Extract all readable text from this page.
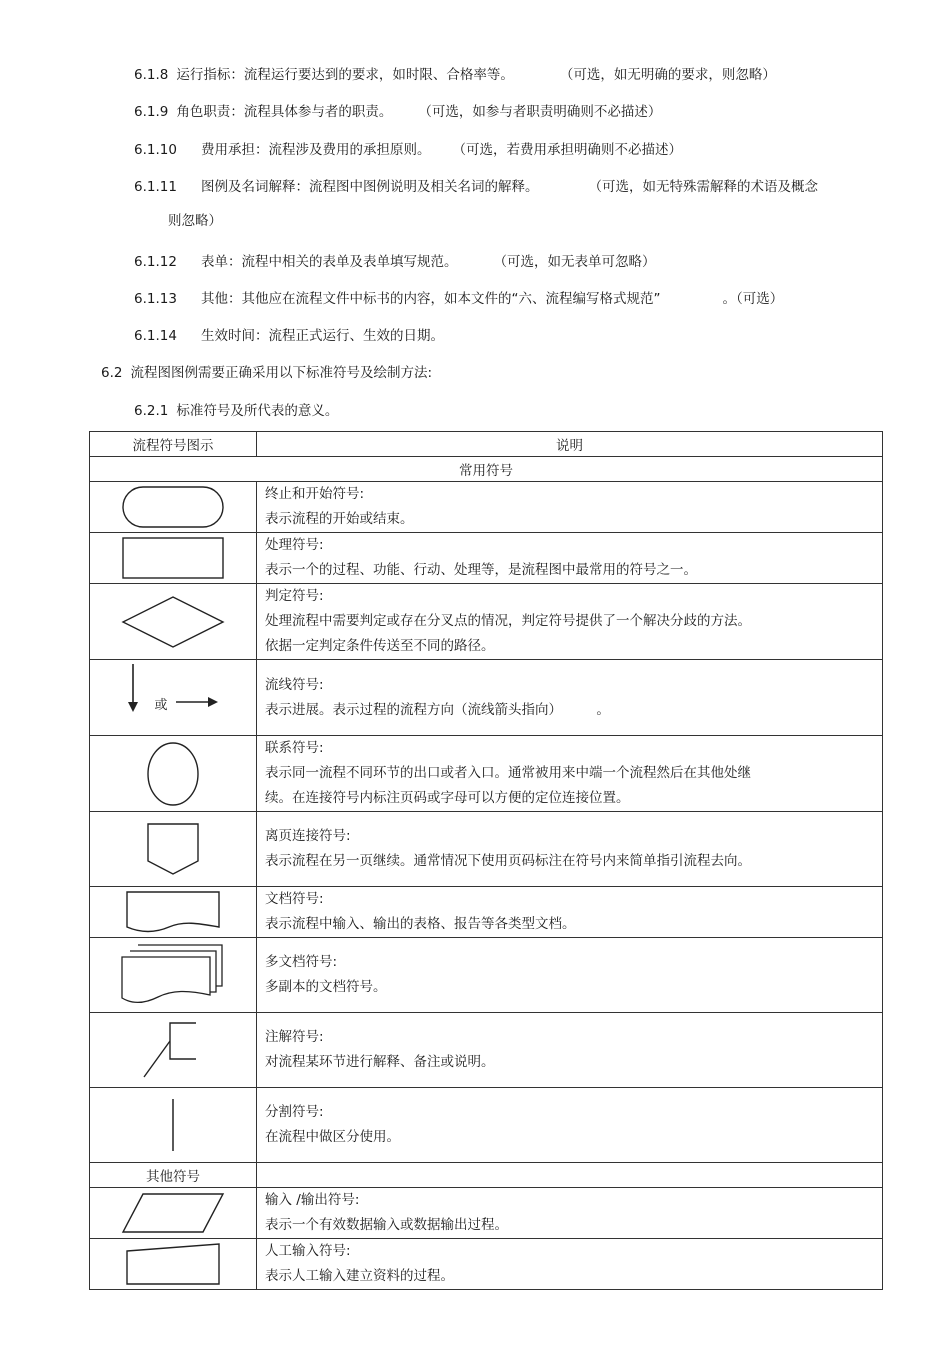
6.1.8 运行指标：流程运行要达到的要求，如时限、合格率等。	（可选，如无明确的要求，则忽略）
6.1.9 角色职责：流程具体参与者的职责。 （可选，如参与者职责明确则不必描述）
6.1.10 费用承担：流程涉及费用的承担原则。 （可选，若费用承担明确则不必描述）
6.1.11 图例及名词解释：流程图中图例说明及相关名词的解释。	（可选，如无特殊需解释的术语及概念
则忽略）
6.1.12 表单：流程中相关的表单及表单填写规范。	（可选，如无表单可忽略）
6.1.13 其他：其他应在流程文件中标书的内容，如本文件的“六、流程编写格式规范”	。（可选）
6.1.14 生效时间：流程正式运行、生效的日期。
6.2 流程图图例需要正确采用以下标准符号及绘制方法:
6.2.1 标准符号及所代表的意义。
流程符号图示	说明
常用符号	

终止和开始符号:
表示流程的开始或结束。

处理符号:
表示一个的过程、功能、行动、处理等，是流程图中最常用的符号之一。

判定符号:
处理流程中需要判定或存在分叉点的情况，判定符号提供了一个解决分歧的方法。
依据一定判定条件传送至不同的路径。

或	流线符号:
表示进展。表示过程的流程方向（流线箭头指向）        。

联系符号:
表示同一流程不同环节的出口或者入口。通常被用来中端一个流程然后在其他处继
续。在连接符号内标注页码或字母可以方便的定位连接位置。

离页连接符号:
表示流程在另一页继续。通常情况下使用页码标注在符号内来简单指引流程去向。

文档符号:
表示流程中输入、输出的表格、报告等各类型文档。

多文档符号:
多副本的文档符号。

注解符号:
对流程某环节进行解释、备注或说明。

分割符号:
在流程中做区分使用。

其他符号	

输入 /输出符号:
表示一个有效数据输入或数据输出过程。

人工输入符号:
表示人工输入建立资料的过程。
